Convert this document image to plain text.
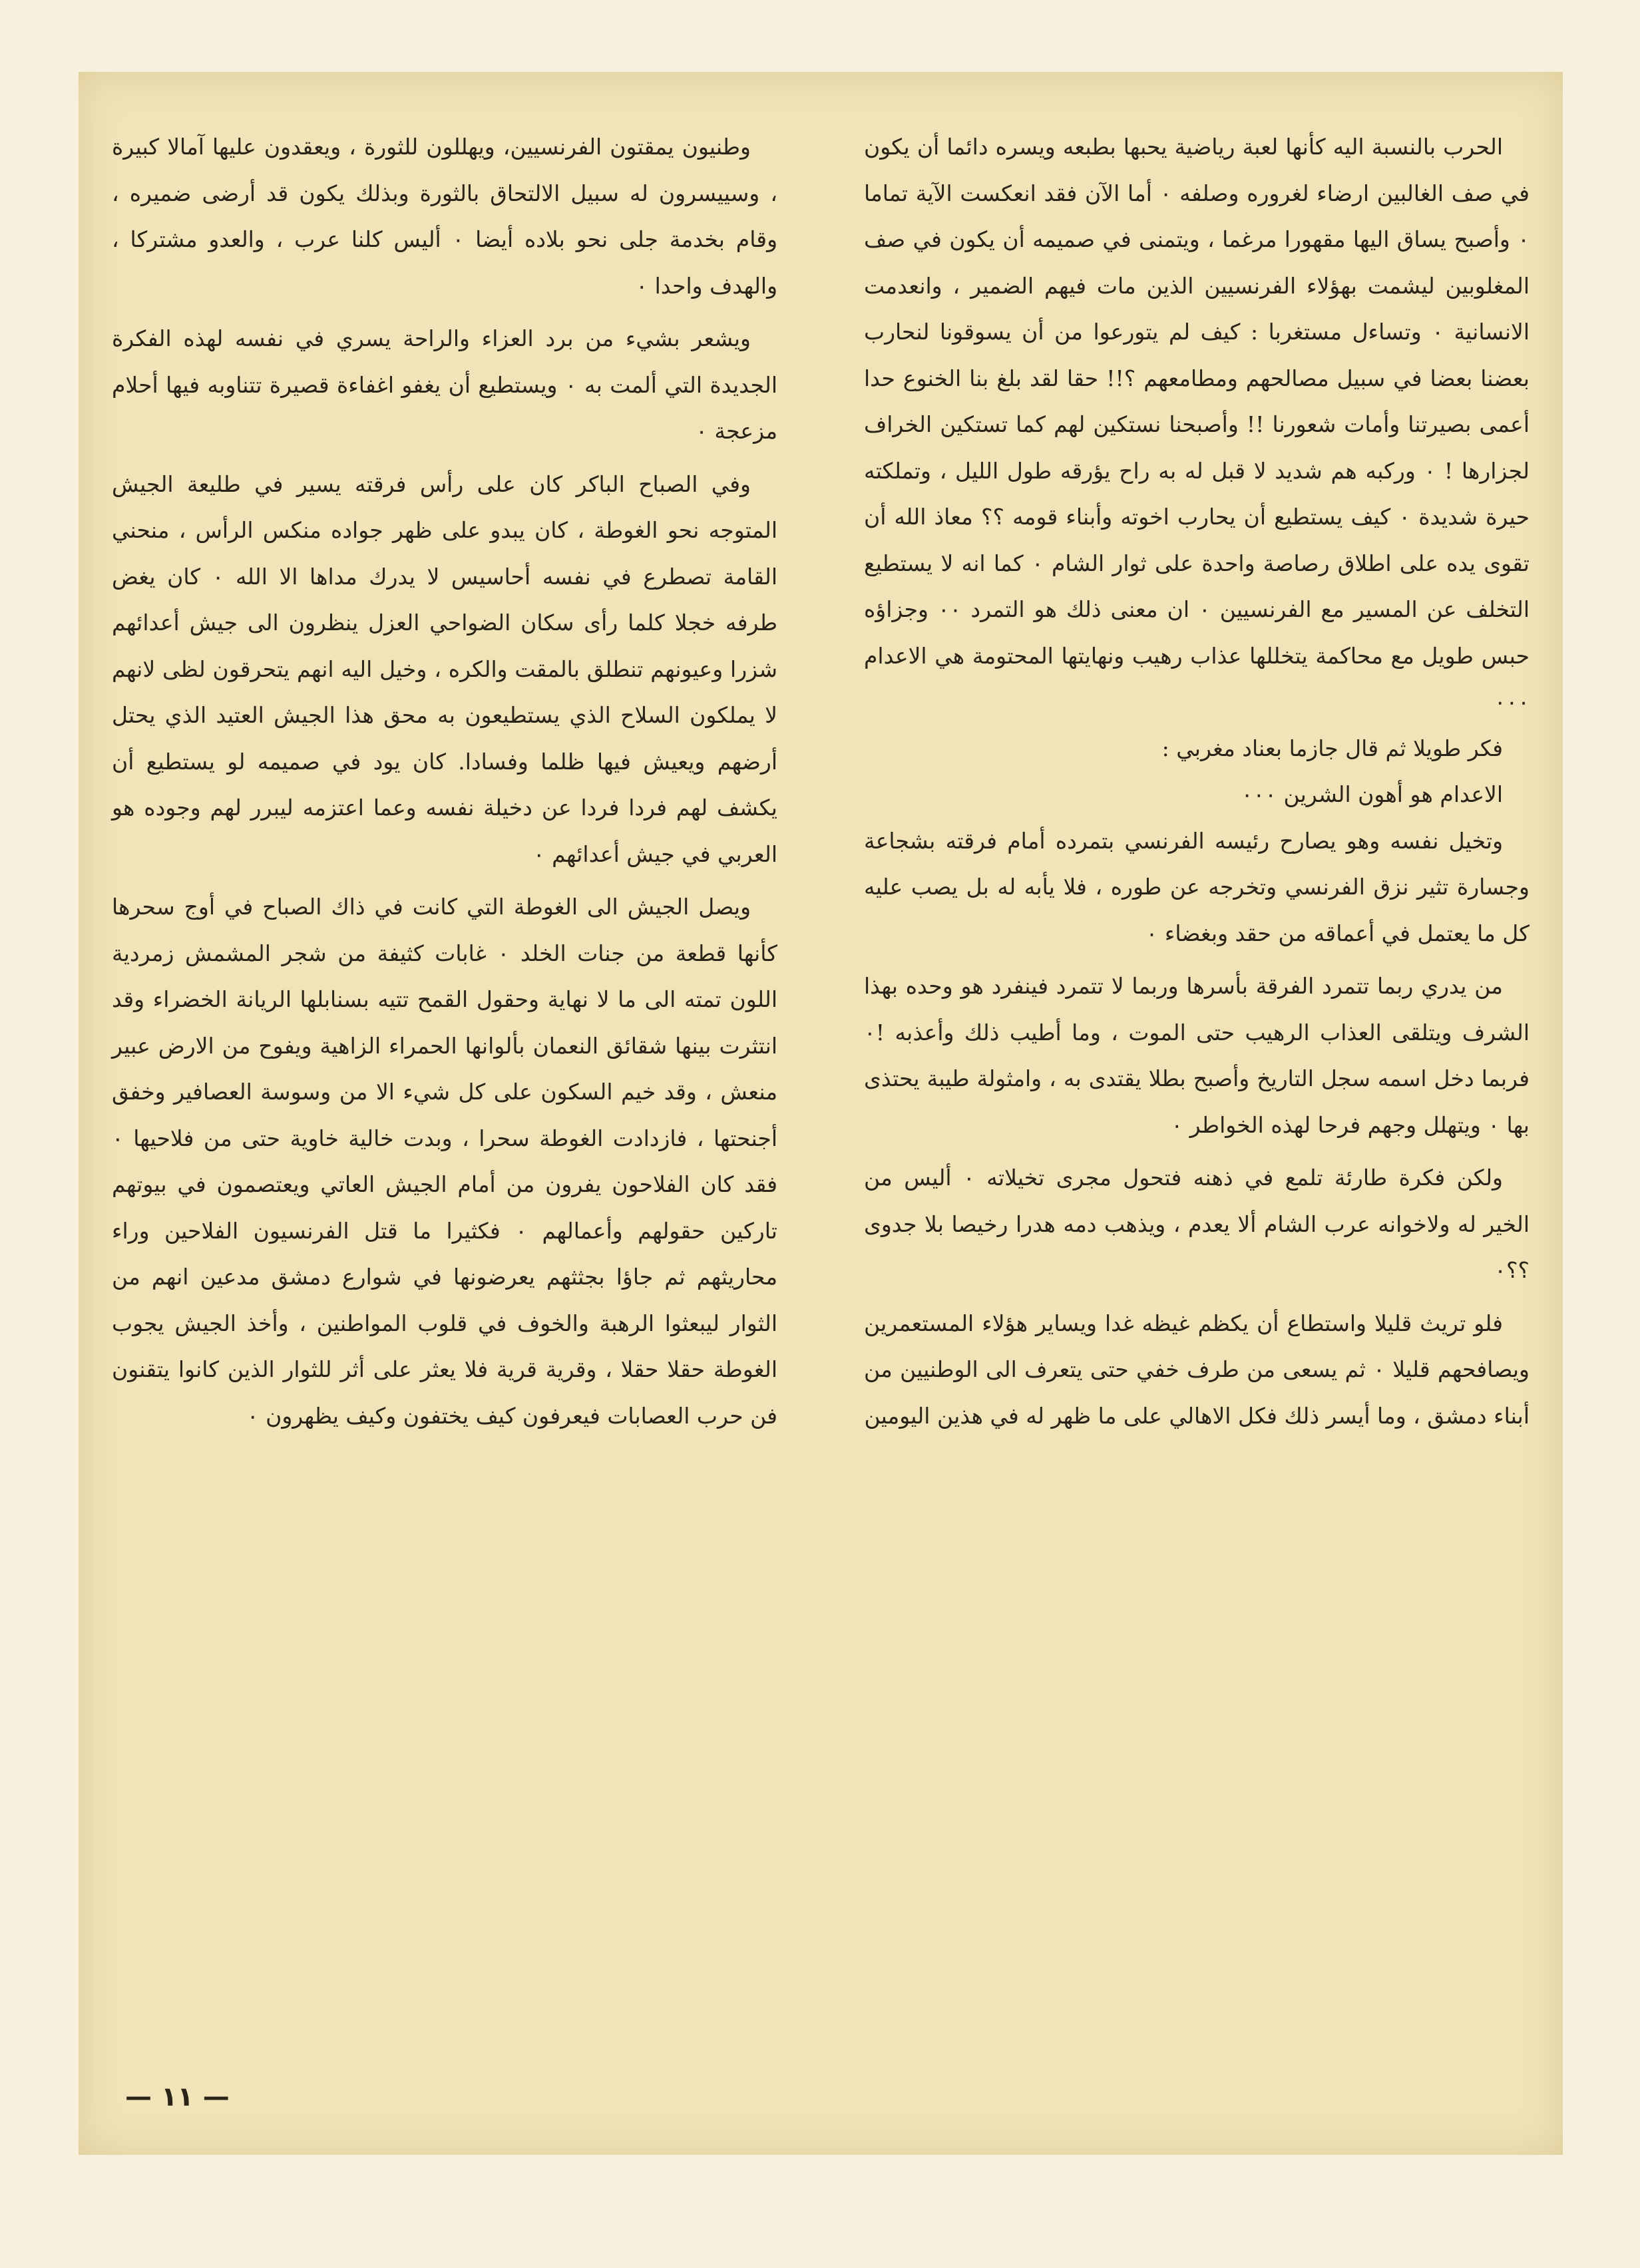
الحرب بالنسبة اليه كأنها لعبة رياضية يحبها بطبعه ويسره دائما أن يكون في صف الغالبين ارضاء لغروره وصلفه ٠ أما الآن فقد انعكست الآية تماما ٠ وأصبح يساق اليها مقهورا مرغما ، ويتمنى في صميمه أن يكون في صف المغلوبين ليشمت بهؤلاء الفرنسيين الذين مات فيهم الضمير ، وانعدمت الانسانية ٠ وتساءل مستغربا : كيف لم يتورعوا من أن يسوقونا لنحارب بعضنا بعضا في سبيل مصالحهم ومطامعهم ؟!! حقا لقد بلغ بنا الخنوع حدا أعمى بصيرتنا وأمات شعورنا !! وأصبحنا نستكين لهم كما تستكين الخراف لجزارها ! ٠ وركبه هم شديد لا قبل له به راح يؤرقه طول الليل ، وتملكته حيرة شديدة ٠ كيف يستطيع أن يحارب اخوته وأبناء قومه ؟؟ معاذ الله أن تقوى يده على اطلاق رصاصة واحدة على ثوار الشام ٠ كما انه لا يستطيع التخلف عن المسير مع الفرنسيين ٠ ان معنى ذلك هو التمرد ٠٠ وجزاؤه حبس طويل مع محاكمة يتخللها عذاب رهيب ونهايتها المحتومة هي الاعدام ٠٠٠

فكر طويلا ثم قال جازما بعناد مغربي :

الاعدام هو أهون الشرين ٠٠٠

وتخيل نفسه وهو يصارح رئيسه الفرنسي بتمرده أمام فرقته بشجاعة وجسارة تثير نزق الفرنسي وتخرجه عن طوره ، فلا يأبه له بل يصب عليه كل ما يعتمل في أعماقه من حقد وبغضاء ٠

من يدري ربما تتمرد الفرقة بأسرها وربما لا تتمرد فينفرد هو وحده بهذا الشرف ويتلقى العذاب الرهيب حتى الموت ، وما أطيب ذلك وأعذبه !٠ فربما دخل اسمه سجل التاريخ وأصبح بطلا يقتدى به ، وامثولة طيبة يحتذى بها ٠ ويتهلل وجهم فرحا لهذه الخواطر ٠

ولكن فكرة طارئة تلمع في ذهنه فتحول مجرى تخيلاته ٠ أليس من الخير له ولاخوانه عرب الشام ألا يعدم ، ويذهب دمه هدرا رخيصا بلا جدوى ؟؟٠

فلو تريث قليلا واستطاع أن يكظم غيظه غدا ويساير هؤلاء المستعمرين ويصافحهم قليلا ٠ ثم يسعى من طرف خفي حتى يتعرف الى الوطنيين من أبناء دمشق ، وما أيسر ذلك فكل الاهالي على ما ظهر له في هذين اليومين

وطنيون يمقتون الفرنسيين، ويهللون للثورة ، ويعقدون عليها آمالا كبيرة ، وسييسرون له سبيل الالتحاق بالثورة وبذلك يكون قد أرضى ضميره ، وقام بخدمة جلى نحو بلاده أيضا ٠ أليس كلنا عرب ، والعدو مشتركا ، والهدف واحدا ٠

ويشعر بشيء من برد العزاء والراحة يسري في نفسه لهذه الفكرة الجديدة التي ألمت به ٠ ويستطيع أن يغفو اغفاءة قصيرة تتناوبه فيها أحلام مزعجة ٠

وفي الصباح الباكر كان على رأس فرقته يسير في طليعة الجيش المتوجه نحو الغوطة ، كان يبدو على ظهر جواده منكس الرأس ، منحني القامة تصطرع في نفسه أحاسيس لا يدرك مداها الا الله ٠ كان يغض طرفه خجلا كلما رأى سكان الضواحي العزل ينظرون الى جيش أعدائهم شزرا وعيونهم تنطلق بالمقت والكره ، وخيل اليه انهم يتحرقون لظى لانهم لا يملكون السلاح الذي يستطيعون به محق هذا الجيش العتيد الذي يحتل أرضهم ويعيش فيها ظلما وفسادا. كان يود في صميمه لو يستطيع أن يكشف لهم فردا فردا عن دخيلة نفسه وعما اعتزمه ليبرر لهم وجوده هو العربي في جيش أعدائهم ٠

ويصل الجيش الى الغوطة التي كانت في ذاك الصباح في أوج سحرها كأنها قطعة من جنات الخلد ٠ غابات كثيفة من شجر المشمش زمردية اللون تمته الى ما لا نهاية وحقول القمح تتيه بسنابلها الريانة الخضراء وقد انتثرت بينها شقائق النعمان بألوانها الحمراء الزاهية ويفوح من الارض عبير منعش ، وقد خيم السكون على كل شيء الا من وسوسة العصافير وخفق أجنحتها ، فازدادت الغوطة سحرا ، وبدت خالية خاوية حتى من فلاحيها ٠ فقد كان الفلاحون يفرون من أمام الجيش العاتي ويعتصمون في بيوتهم تاركين حقولهم وأعمالهم ٠ فكثيرا ما قتل الفرنسيون الفلاحين وراء محاريثهم ثم جاؤا بجثثهم يعرضونها في شوارع دمشق مدعين انهم من الثوار ليبعثوا الرهبة والخوف في قلوب المواطنين ، وأخذ الجيش يجوب الغوطة حقلا حقلا ، وقرية قرية فلا يعثر على أثر للثوار الذين كانوا يتقنون فن حرب العصابات فيعرفون كيف يختفون وكيف يظهرون ٠

— ١١ —
